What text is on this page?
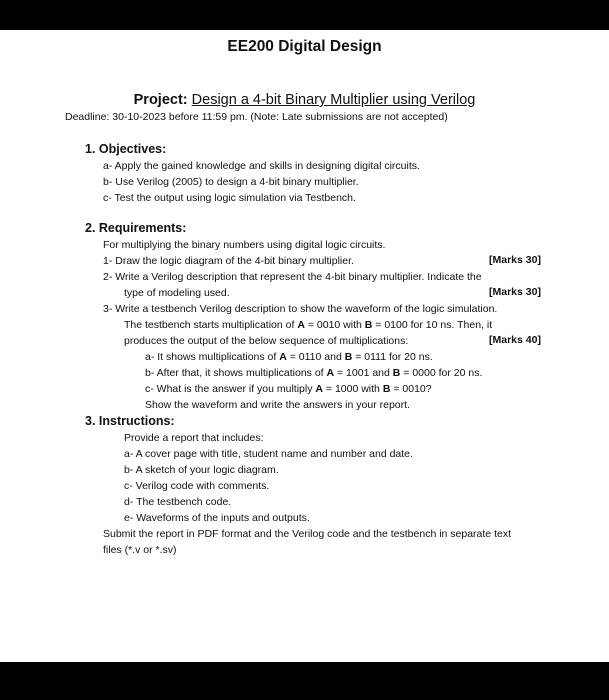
EE200 Digital Design
Project: Design a 4-bit Binary Multiplier using Verilog
Deadline: 30-10-2023 before 11:59 pm. (Note: Late submissions are not accepted)
1. Objectives:
a- Apply the gained knowledge and skills in designing digital circuits.
b- Use Verilog (2005) to design a 4-bit binary multiplier.
c- Test the output using logic simulation via Testbench.
2. Requirements:
For multiplying the binary numbers using digital logic circuits.
1- Draw the logic diagram of the 4-bit binary multiplier.	[Marks 30]
2- Write a Verilog description that represent the 4-bit binary multiplier. Indicate the
type of modeling used.	[Marks 30]
3- Write a testbench Verilog description to show the waveform of the logic simulation.
The testbench starts multiplication of A = 0010 with B = 0100 for 10 ns. Then, it
produces the output of the below sequence of multiplications:	[Marks 40]
a- It shows multiplications of A = 0110 and B = 0111 for 20 ns.
b- After that, it shows multiplications of A = 1001 and B = 0000 for 20 ns.
c- What is the answer if you multiply A = 1000 with B = 0010?
Show the waveform and write the answers in your report.
3. Instructions:
Provide a report that includes:
a- A cover page with title, student name and number and date.
b- A sketch of your logic diagram.
c- Verilog code with comments.
d- The testbench code.
e- Waveforms of the inputs and outputs.
Submit the report in PDF format and the Verilog code and the testbench in separate text
files (*.v or *.sv)
